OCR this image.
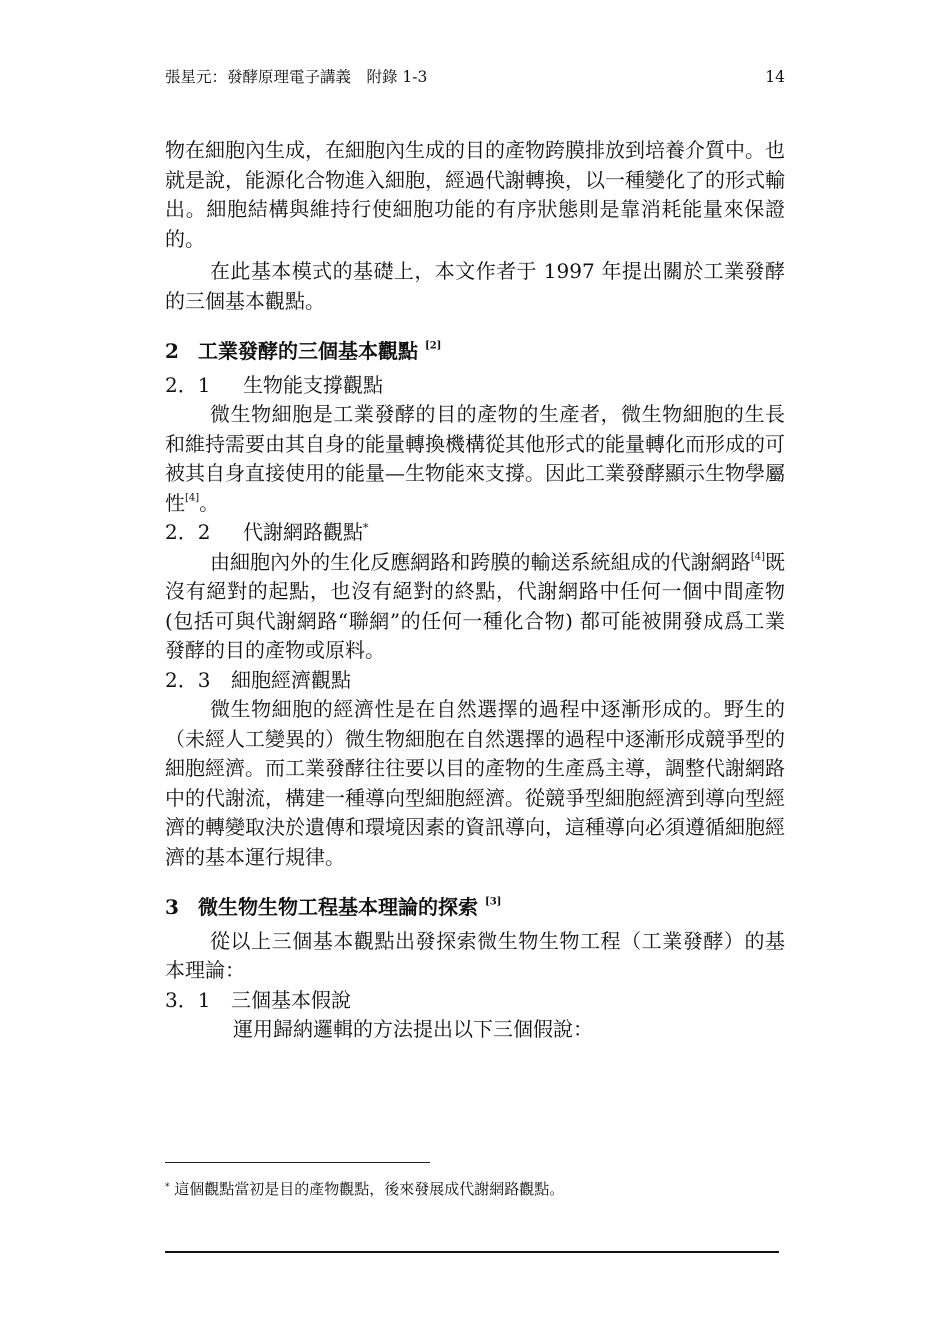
張星元：發酵原理電子講義　附錄 1-3	14

物在細胞內生成，在細胞內生成的目的產物跨膜排放到培養介質中。也就是說，能源化合物進入細胞，經過代謝轉換，以一種變化了的形式輸出。細胞結構與維持行使細胞功能的有序狀態則是靠消耗能量來保證的。

在此基本模式的基礎上，本文作者于 1997 年提出關於工業發酵的三個基本觀點。

2 工業發酵的三個基本觀點 [2]
2．1 生物能支撐觀點

微生物細胞是工業發酵的目的產物的生產者，微生物細胞的生長和維持需要由其自身的能量轉換機構從其他形式的能量轉化而形成的可被其自身直接使用的能量—生物能來支撐。因此工業發酵顯示生物學屬性[4]。

2．2 代謝網路觀點*

由細胞內外的生化反應網路和跨膜的輸送系統組成的代謝網路[4]既沒有絕對的起點，也沒有絕對的終點，代謝網路中任何一個中間產物 (包括可與代謝網路“聯網”的任何一種化合物) 都可能被開發成爲工業發酵的目的產物或原料。

2．3 細胞經濟觀點

微生物細胞的經濟性是在自然選擇的過程中逐漸形成的。野生的（未經人工變異的）微生物細胞在自然選擇的過程中逐漸形成競爭型的細胞經濟。而工業發酵往往要以目的產物的生產爲主導，調整代謝網路中的代謝流，構建一種導向型細胞經濟。從競爭型細胞經濟到導向型經濟的轉變取決於遺傳和環境因素的資訊導向，這種導向必須遵循細胞經濟的基本運行規律。

3 微生物生物工程基本理論的探索 [3]

從以上三個基本觀點出發探索微生物生物工程（工業發酵）的基本理論：

3．1 三個基本假說

運用歸納邏輯的方法提出以下三個假說：

* 這個觀點當初是目的產物觀點，後來發展成代謝網路觀點。
